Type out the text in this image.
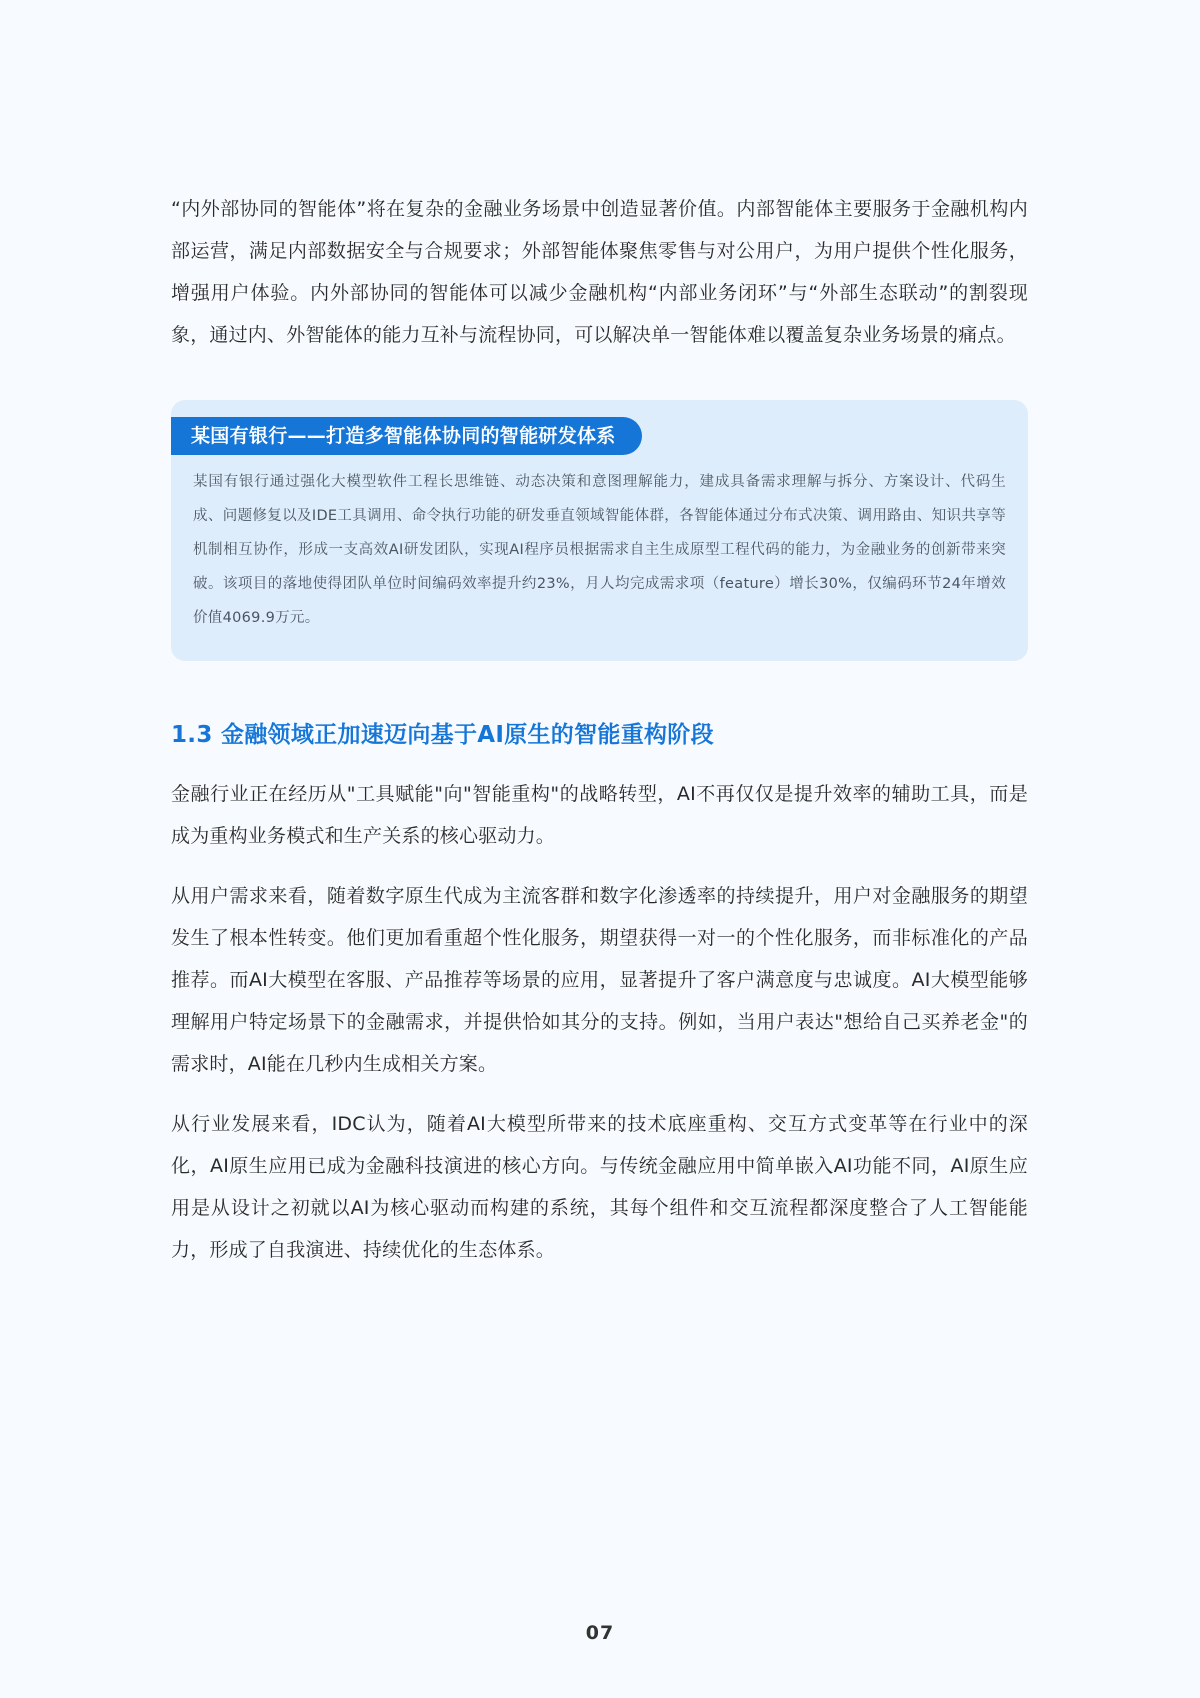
“内外部协同的智能体”将在复杂的金融业务场景中创造显著价值。内部智能体主要服务于金融机构内部运营，满足内部数据安全与合规要求；外部智能体聚焦零售与对公用户，为用户提供个性化服务，增强用户体验。内外部协同的智能体可以减少金融机构“内部业务闭环”与“外部生态联动”的割裂现象，通过内、外智能体的能力互补与流程协同，可以解决单一智能体难以覆盖复杂业务场景的痛点。

某国有银行——打造多智能体协同的智能研发体系

某国有银行通过强化大模型软件工程长思维链、动态决策和意图理解能力，建成具备需求理解与拆分、方案设计、代码生成、问题修复以及IDE工具调用、命令执行功能的研发垂直领域智能体群，各智能体通过分布式决策、调用路由、知识共享等机制相互协作，形成一支高效AI研发团队，实现AI程序员根据需求自主生成原型工程代码的能力，为金融业务的创新带来突破。该项目的落地使得团队单位时间编码效率提升约23%，月人均完成需求项（feature）增长30%，仅编码环节24年增效价值4069.9万元。

1.3 金融领域正加速迈向基于AI原生的智能重构阶段

金融行业正在经历从"工具赋能"向"智能重构"的战略转型，AI不再仅仅是提升效率的辅助工具，而是成为重构业务模式和生产关系的核心驱动力。

从用户需求来看，随着数字原生代成为主流客群和数字化渗透率的持续提升，用户对金融服务的期望发生了根本性转变。他们更加看重超个性化服务，期望获得一对一的个性化服务，而非标准化的产品推荐。而AI大模型在客服、产品推荐等场景的应用，显著提升了客户满意度与忠诚度。AI大模型能够理解用户特定场景下的金融需求，并提供恰如其分的支持。例如，当用户表达"想给自己买养老金"的需求时，AI能在几秒内生成相关方案。

从行业发展来看，IDC认为，随着AI大模型所带来的技术底座重构、交互方式变革等在行业中的深化，AI原生应用已成为金融科技演进的核心方向。与传统金融应用中简单嵌入AI功能不同，AI原生应用是从设计之初就以AI为核心驱动而构建的系统，其每个组件和交互流程都深度整合了人工智能能力，形成了自我演进、持续优化的生态体系。

07
